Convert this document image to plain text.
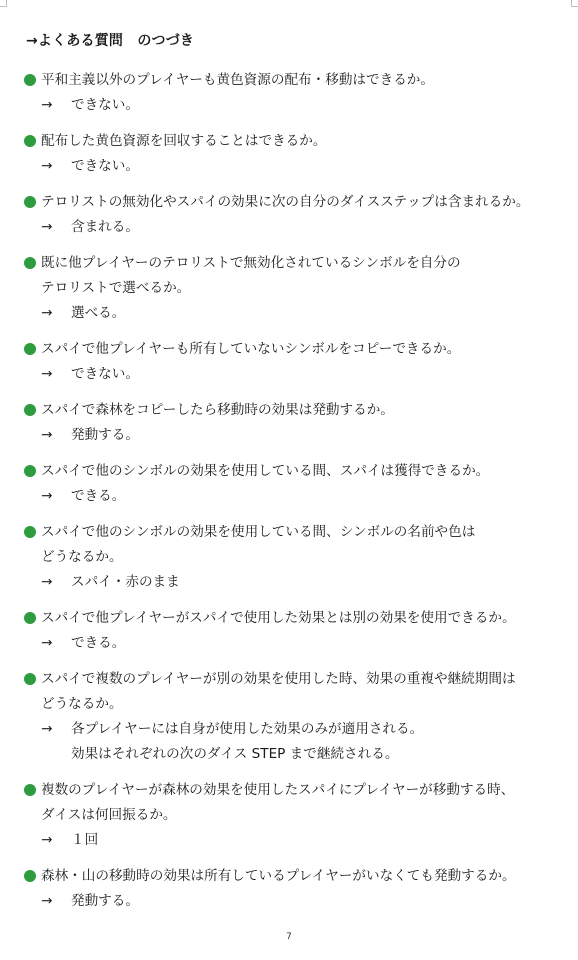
→よくある質問　のつづき
平和主義以外のプレイヤーも黄色資源の配布・移動はできるか。
→ できない。
配布した黄色資源を回収することはできるか。
→ できない。
テロリストの無効化やスパイの効果に次の自分のダイスステップは含まれるか。
→ 含まれる。
既に他プレイヤーのテロリストで無効化されているシンボルを自分の
テロリストで選べるか。
→ 選べる。
スパイで他プレイヤーも所有していないシンボルをコピーできるか。
→ できない。
スパイで森林をコピーしたら移動時の効果は発動するか。
→ 発動する。
スパイで他のシンボルの効果を使用している間、スパイは獲得できるか。
→ できる。
スパイで他のシンボルの効果を使用している間、シンボルの名前や色は
どうなるか。
→ スパイ・赤のまま
スパイで他プレイヤーがスパイで使用した効果とは別の効果を使用できるか。
→ できる。
スパイで複数のプレイヤーが別の効果を使用した時、効果の重複や継続期間は
どうなるか。
→ 各プレイヤーには自身が使用した効果のみが適用される。
効果はそれぞれの次のダイス STEP まで継続される。
複数のプレイヤーが森林の効果を使用したスパイにプレイヤーが移動する時、
ダイスは何回振るか。
→ １回
森林・山の移動時の効果は所有しているプレイヤーがいなくても発動するか。
→ 発動する。
7
